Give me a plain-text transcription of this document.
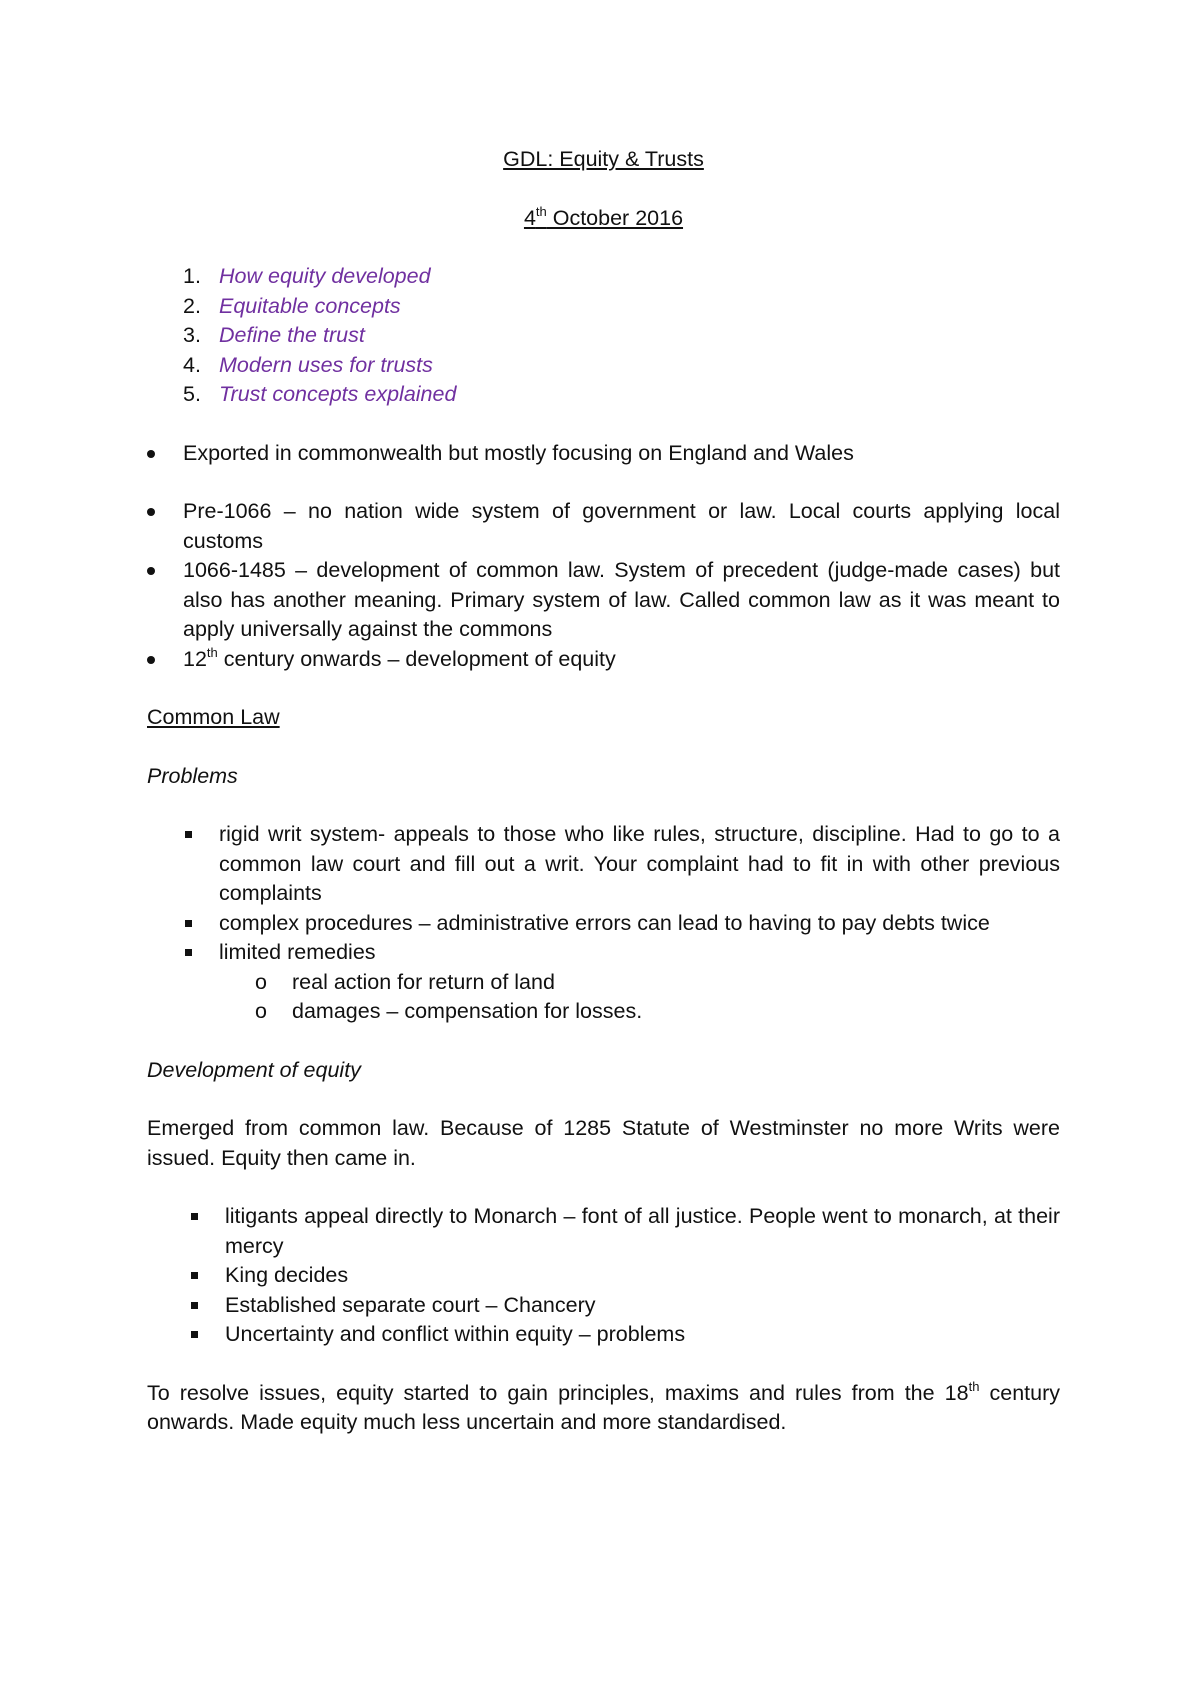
GDL: Equity & Trusts

4th October 2016

1. How equity developed
2. Equitable concepts
3. Define the trust
4. Modern uses for trusts
5. Trust concepts explained
Exported in commonwealth but mostly focusing on England and Wales
Pre-1066 – no nation wide system of government or law. Local courts applying local customs
1066-1485 – development of common law. System of precedent (judge-made cases) but also has another meaning. Primary system of law. Called common law as it was meant to apply universally against the commons
12th century onwards – development of equity

Common Law

Problems

rigid writ system- appeals to those who like rules, structure, discipline. Had to go to a common law court and fill out a writ. Your complaint had to fit in with other previous complaints
complex procedures – administrative errors can lead to having to pay debts twice
limited remedies
o real action for return of land
o damages – compensation for losses.

Development of equity

Emerged from common law. Because of 1285 Statute of Westminster no more Writs were issued. Equity then came in.

litigants appeal directly to Monarch – font of all justice. People went to monarch, at their mercy
King decides
Established separate court – Chancery
Uncertainty and conflict within equity – problems

To resolve issues, equity started to gain principles, maxims and rules from the 18th century onwards. Made equity much less uncertain and more standardised.
